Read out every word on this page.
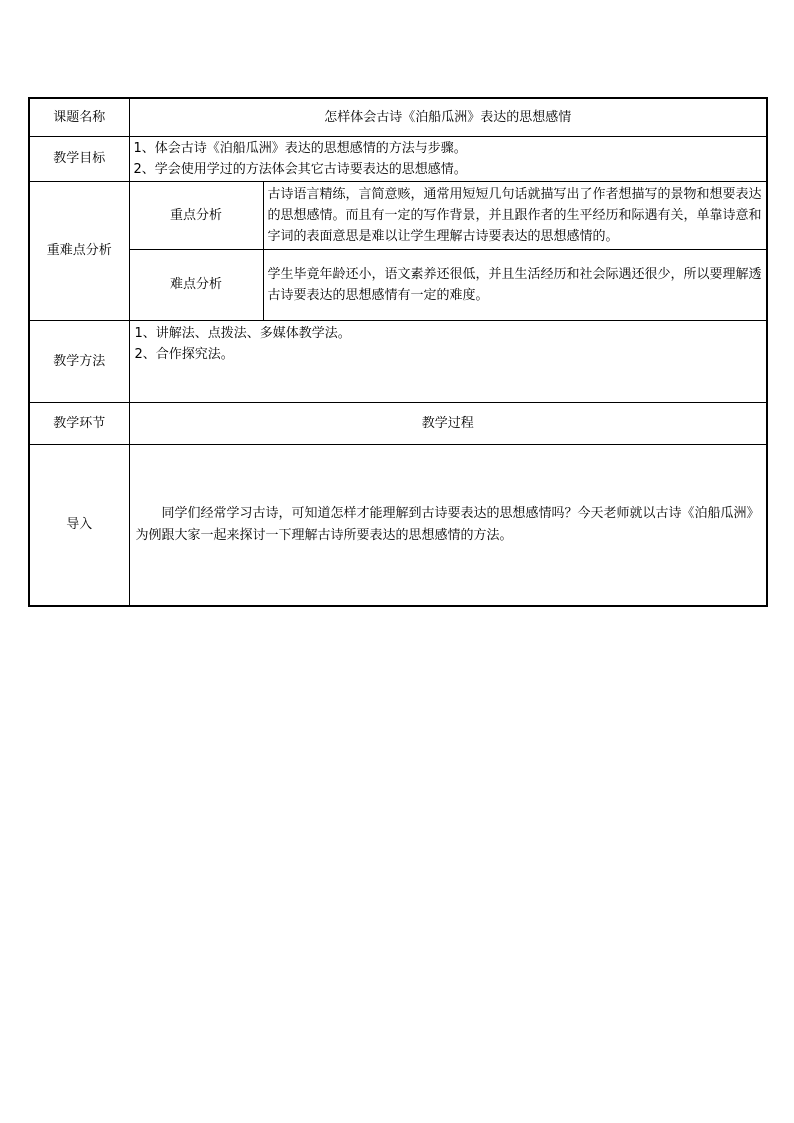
课题名称	怎样体会古诗《泊船瓜洲》表达的思想感情	
教学目标	1、体会古诗《泊船瓜洲》表达的思想感情的方法与步骤。
2、学会使用学过的方法体会其它古诗要表达的思想感情。	

重难点分析	重点分析	古诗语言精练，言简意赅，通常用短短几句话就描写出了作者想描写的景物和想要表达的思想感情。而且有一定的写作背景，并且跟作者的生平经历和际遇有关，单靠诗意和字词的表面意思是难以让学生理解古诗要表达的思想感情的。
	难点分析	学生毕竟年龄还小，语文素养还很低，并且生活经历和社会际遇还很少，所以要理解透古诗要表达的思想感情有一定的难度。
教学方法	1、讲解法、点拨法、多媒体教学法。
2、合作探究法。	

教学环节	教学过程	
导入	同学们经常学习古诗，可知道怎样才能理解到古诗要表达的思想感情吗？今天老师就以古诗《泊船瓜洲》为例跟大家一起来探讨一下理解古诗所要表达的思想感情的方法。	
